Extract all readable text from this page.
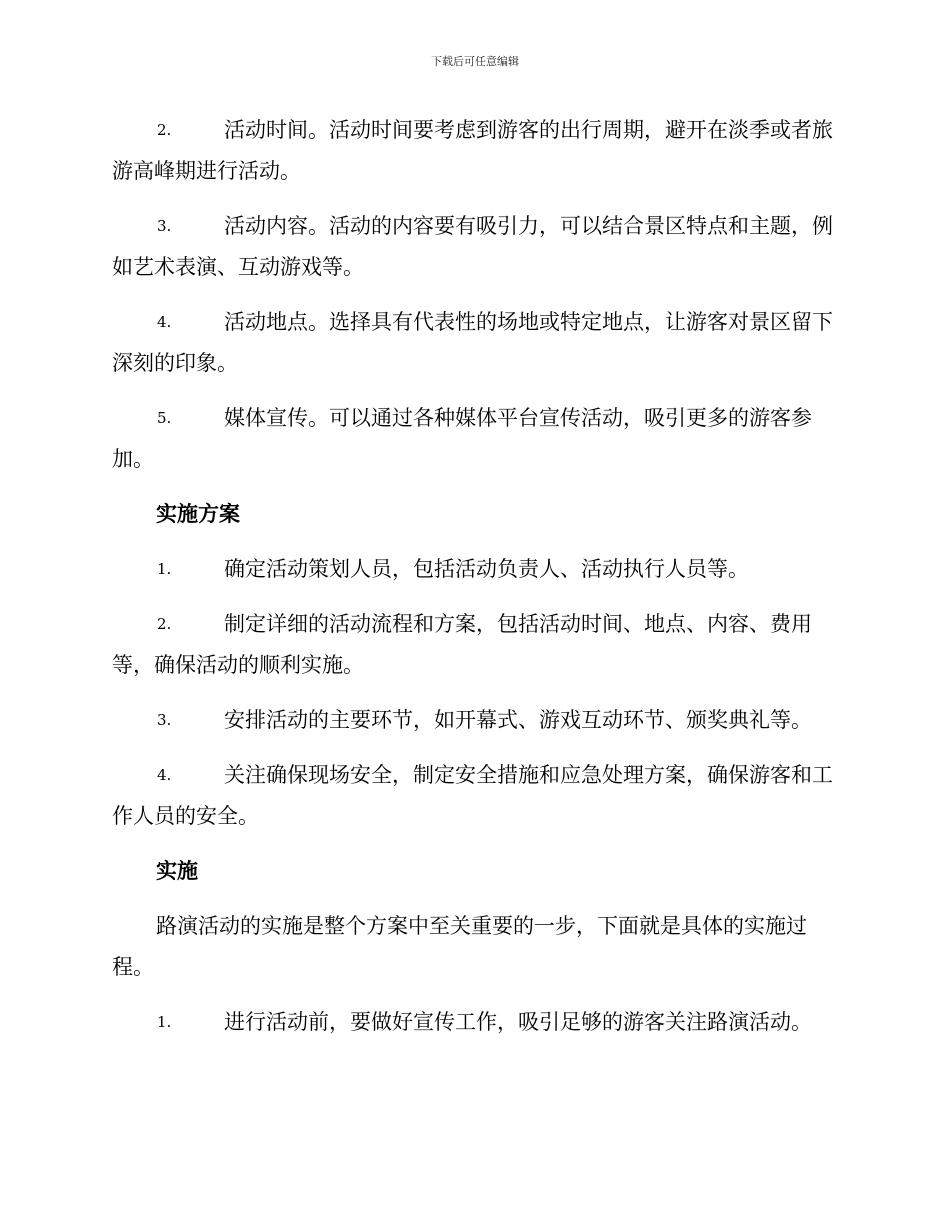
下载后可任意编辑
2.	活动时间。活动时间要考虑到游客的出行周期，避开在淡季或者旅游高峰期进行活动。
3.	活动内容。活动的内容要有吸引力，可以结合景区特点和主题，例如艺术表演、互动游戏等。
4.	活动地点。选择具有代表性的场地或特定地点，让游客对景区留下深刻的印象。
5.	媒体宣传。可以通过各种媒体平台宣传活动，吸引更多的游客参加。
实施方案
1.	确定活动策划人员，包括活动负责人、活动执行人员等。
2.	制定详细的活动流程和方案，包括活动时间、地点、内容、费用等，确保活动的顺利实施。
3.	安排活动的主要环节，如开幕式、游戏互动环节、颁奖典礼等。
4.	关注确保现场安全，制定安全措施和应急处理方案，确保游客和工作人员的安全。
实施
路演活动的实施是整个方案中至关重要的一步，下面就是具体的实施过程。
1.	进行活动前，要做好宣传工作，吸引足够的游客关注路演活动。
